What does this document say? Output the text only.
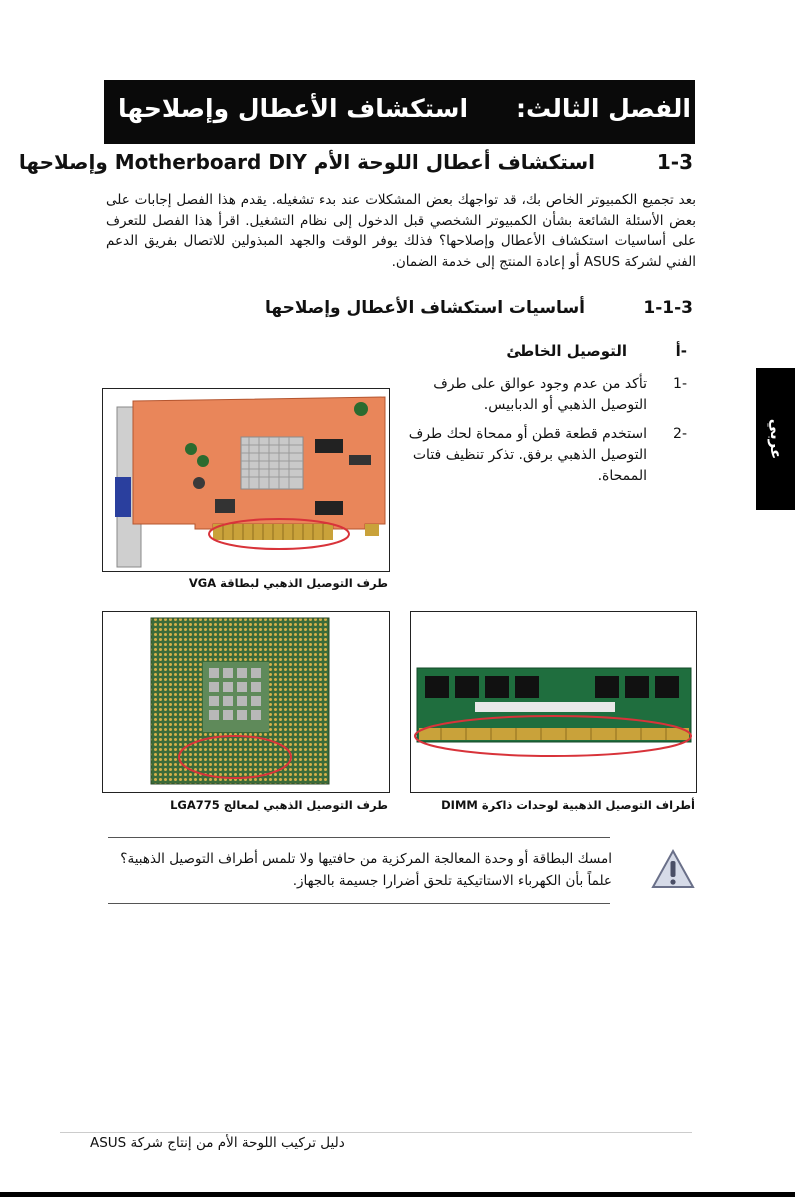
استكشاف الأعطال وإصلاحها الفصل الثالث:
1-3
استكشاف أعطال اللوحة الأم Motherboard DIY وإصلاحها
بعد تجميع الكمبيوتر الخاص بك، قد تواجهك بعض المشكلات عند بدء تشغيله. يقدم هذا الفصل إجابات على بعض الأسئلة الشائعة بشأن الكمبيوتر الشخصي قبل الدخول إلى نظام التشغيل. اقرأ هذا الفصل للتعرف على أساسيات استكشاف الأعطال وإصلاحها؟ فذلك يوفر الوقت والجهد المبذولين للاتصال بفريق الدعم الفني لشركة ASUS أو إعادة المنتج إلى خدمة الضمان.
1-1-3
أساسيات استكشاف الأعطال وإصلاحها
أ-
التوصيل الخاطئ
1-
تأكد من عدم وجود عوالق على طرف التوصيل الذهبي أو الدبابيس.
2-
استخدم قطعة قطن أو ممحاة لحك طرف التوصيل الذهبي برفق. تذكر تنظيف فتات الممحاة.
عربي
طرف التوصيل الذهبي لبطاقة VGA
طرف التوصيل الذهبي لمعالج LGA775	أطراف التوصيل الذهبية لوحدات ذاكرة DIMM
امسك البطاقة أو وحدة المعالجة المركزية من حافتيها ولا تلمس أطراف التوصيل الذهبية؟ علماً بأن الكهرباء الاستاتيكية تلحق أضرارا جسيمة بالجهاز.
دليل تركيب اللوحة الأم من إنتاج شركة ASUS
